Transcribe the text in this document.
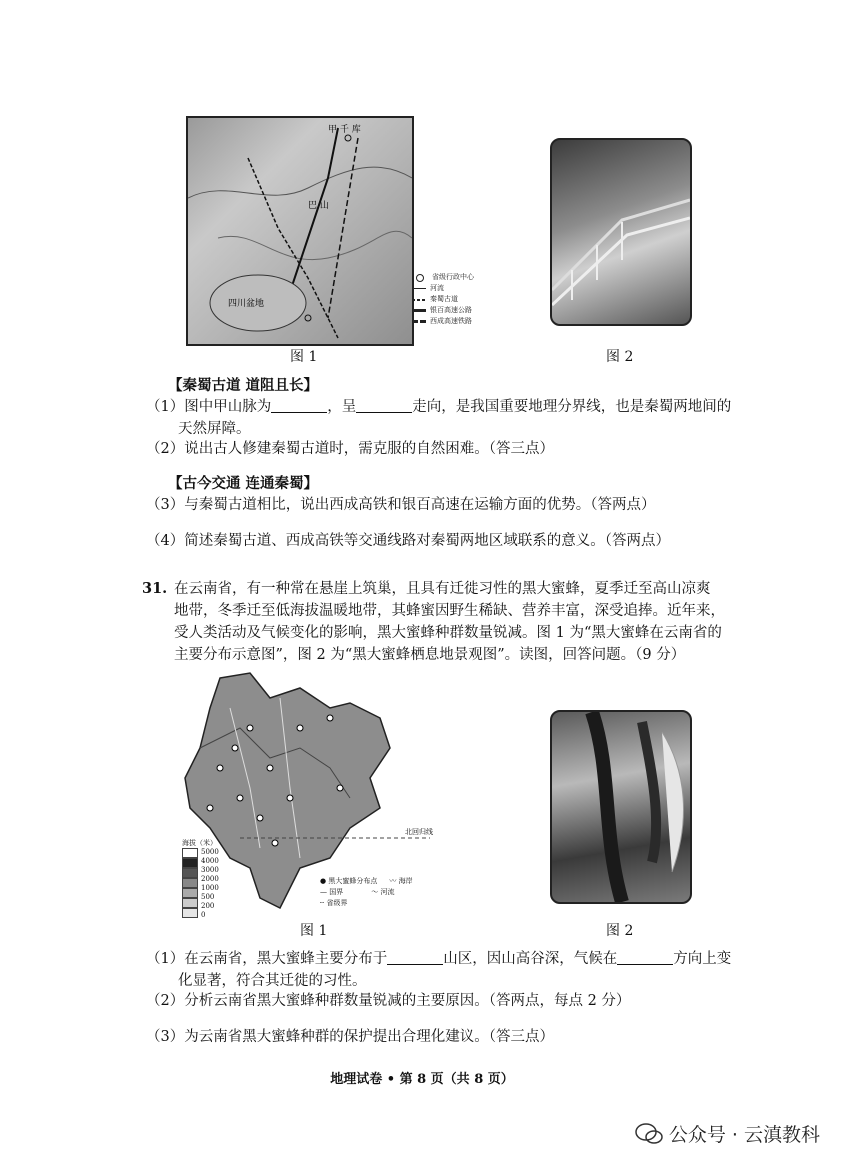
甲 千 库
四川盆地
巴 山
省级行政中心
河流
秦蜀古道
银百高速公路
西成高速铁路
图 1	图 2
【秦蜀古道 道阻且长】
（1）图中甲山脉为	，呈	走向，是我国重要地理分界线，也是秦蜀两地间的
天然屏障。
（2）说出古人修建秦蜀古道时，需克服的自然困难。（答三点）
【古今交通 连通秦蜀】
（3）与秦蜀古道相比，说出西成高铁和银百高速在运输方面的优势。（答两点）
（4）简述秦蜀古道、西成高铁等交通线路对秦蜀两地区域联系的意义。（答两点）
31. 在云南省，有一种常在悬崖上筑巢，且具有迁徙习性的黑大蜜蜂，夏季迁至高山凉爽
地带，冬季迁至低海拔温暖地带，其蜂蜜因野生稀缺、营养丰富，深受追捧。近年来，
受人类活动及气候变化的影响，黑大蜜蜂种群数量锐减。图 1 为“黑大蜜蜂在云南省的
主要分布示意图”，图 2 为“黑大蜜蜂栖息地景观图”。读图，回答问题。（9 分）
北回归线
海拔（米）
5000
4000
3000
2000
1000
500
200
0
● 黑大蜜蜂分布点 〰 海岸
— 国界	～ 河流
┄ 省级界
图 1	图 2
（1）在云南省，黑大蜜蜂主要分布于	山区，因山高谷深，气候在	方向上变
化显著，符合其迁徙的习性。
（2）分析云南省黑大蜜蜂种群数量锐减的主要原因。（答两点，每点 2 分）
（3）为云南省黑大蜜蜂种群的保护提出合理化建议。（答三点）
地理试卷 • 第 8 页（共 8 页）
公众号 · 云滇教科
